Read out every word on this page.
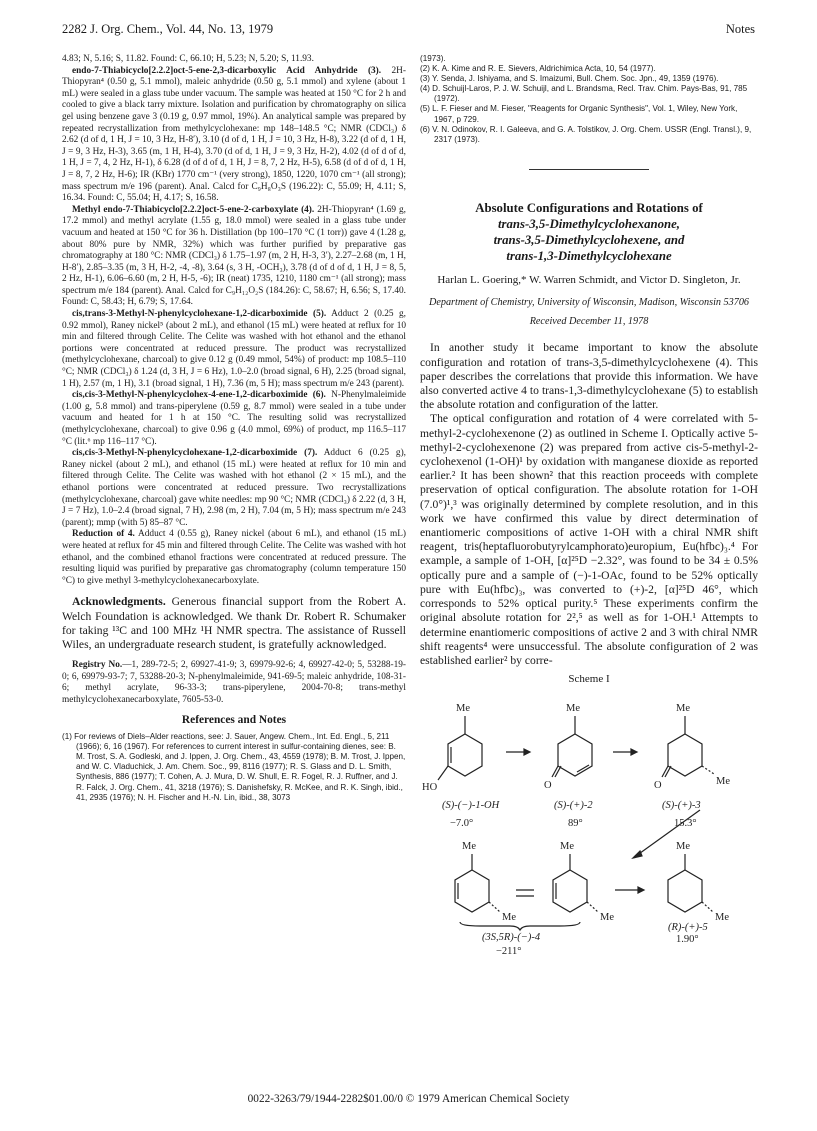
2282 J. Org. Chem., Vol. 44, No. 13, 1979	Notes

4.83; N, 5.16; S, 11.82. Found: C, 66.10; H, 5.23; N, 5.20; S, 11.93.

endo-7-Thiabicyclo[2.2.2]oct-5-ene-2,3-dicarboxylic Acid Anhydride (3). 2H-Thiopyran⁴ (0.50 g, 5.1 mmol), maleic anhydride (0.50 g, 5.1 mmol) and xylene (about 1 mL) were sealed in a glass tube under vacuum. The sample was heated at 150 °C for 2 h and cooled to give a black tarry mixture. Isolation and purification by chromatography on silica gel using benzene gave 3 (0.19 g, 0.97 mmol, 19%). An analytical sample was prepared by repeated recrystallization from methylcyclohexane: mp 148–148.5 °C; NMR (CDCl₃) δ 2.62 (d of d, 1 H, J = 10, 3 Hz, H-8′), 3.10 (d of d, 1 H, J = 10, 3 Hz, H-8), 3.22 (d of d, 1 H, J = 9, 3 Hz, H-3), 3.65 (m, 1 H, H-4), 3.70 (d of d, 1 H, J = 9, 3 Hz, H-2), 4.02 (d of d of d, 1 H, J = 7, 4, 2 Hz, H-1), δ 6.28 (d of d of d, 1 H, J = 8, 7, 2 Hz, H-5), 6.58 (d of d of d, 1 H, J = 8, 7, 2 Hz, H-6); IR (KBr) 1770 cm⁻¹ (very strong), 1850, 1220, 1070 cm⁻¹ (all strong); mass spectrum m/e 196 (parent). Anal. Calcd for C₉H₈O₃S (196.22): C, 55.09; H, 4.11; S, 16.34. Found: C, 55.04; H, 4.17; S, 16.58.

Methyl endo-7-Thiabicyclo[2.2.2]oct-5-ene-2-carboxylate (4). 2H-Thiopyran⁴ (1.69 g, 17.2 mmol) and methyl acrylate (1.55 g, 18.0 mmol) were sealed in a glass tube under vacuum and heated at 150 °C for 36 h. Distillation (bp 100–170 °C (1 torr)) gave 4 (1.28 g, about 80% pure by NMR, 32%) which was further purified by preparative gas chromatography at 180 °C: NMR (CDCl₃) δ 1.75–1.97 (m, 2 H, H-3, 3′), 2.27–2.68 (m, 1 H, H-8′), 2.85–3.35 (m, 3 H, H-2, -4, -8), 3.64 (s, 3 H, -OCH₃), 3.78 (d of d of d, 1 H, J = 8, 5, 2 Hz, H-1), 6.06–6.60 (m, 2 H, H-5, -6); IR (neat) 1735, 1210, 1180 cm⁻¹ (all strong); mass spectrum m/e 184 (parent). Anal. Calcd for C₉H₁₂O₂S (184.26): C, 58.67; H, 6.56; S, 17.40. Found: C, 58.43; H, 6.79; S, 17.64.

cis,trans-3-Methyl-N-phenylcyclohexane-1,2-dicarboximide (5). Adduct 2 (0.25 g, 0.92 mmol), Raney nickel⁵ (about 2 mL), and ethanol (15 mL) were heated at reflux for 10 min and filtered through Celite. The Celite was washed with hot ethanol and the ethanol portions were concentrated at reduced pressure. The product was recrystallized (methylcyclohexane, charcoal) to give 0.12 g (0.49 mmol, 54%) of product: mp 108.5–110 °C; NMR (CDCl₃) δ 1.24 (d, 3 H, J = 6 Hz), 1.0–2.0 (broad signal, 6 H), 2.25 (broad signal, 1 H), 2.57 (m, 1 H), 3.1 (broad signal, 1 H), 7.36 (m, 5 H); mass spectrum m/e 243 (parent).

cis,cis-3-Methyl-N-phenylcyclohex-4-ene-1,2-dicarboximide (6). N-Phenylmaleimide (1.00 g, 5.8 mmol) and trans-piperylene (0.59 g, 8.7 mmol) were sealed in a tube under vacuum and heated for 1 h at 150 °C. The resulting solid was recrystallized (methylcyclohexane, charcoal) to give 0.96 g (4.0 mmol, 69%) of product, mp 116.5–117 °C (lit.⁶ mp 116–117 °C).

cis,cis-3-Methyl-N-phenylcyclohexane-1,2-dicarboximide (7). Adduct 6 (0.25 g), Raney nickel (about 2 mL), and ethanol (15 mL) were heated at reflux for 10 min and filtered through Celite. The Celite was washed with hot ethanol (2 × 15 mL), and the ethanol portions were concentrated at reduced pressure. Two recrystallizations (methylcyclohexane, charcoal) gave white needles: mp 90 °C; NMR (CDCl₃) δ 2.22 (d, 3 H, J = 7 Hz), 1.0–2.4 (broad signal, 7 H), 2.98 (m, 2 H), 7.04 (m, 5 H); mass spectrum m/e 243 (parent); mmp (with 5) 85–87 °C.

Reduction of 4. Adduct 4 (0.55 g), Raney nickel (about 6 mL), and ethanol (15 mL) were heated at reflux for 45 min and filtered through Celite. The Celite was washed with hot ethanol, and the combined ethanol fractions were concentrated at reduced pressure. The resulting liquid was purified by preparative gas chromatography (column temperature 150 °C) to give methyl 3-methylcyclohexanecarboxylate.

Acknowledgments. Generous financial support from the Robert A. Welch Foundation is acknowledged. We thank Dr. Robert R. Schumaker for taking ¹³C and 100 MHz ¹H NMR spectra. The assistance of Russell Wiles, an undergraduate research student, is gratefully acknowledged.

Registry No.—1, 289-72-5; 2, 69927-41-9; 3, 69979-92-6; 4, 69927-42-0; 5, 53288-19-0; 6, 69979-93-7; 7, 53288-20-3; N-phenylmaleimide, 941-69-5; maleic anhydride, 108-31-6; methyl acrylate, 96-33-3; trans-piperylene, 2004-70-8; trans-methyl methylcyclohexanecarboxylate, 7605-53-0.

References and Notes

(1) For reviews of Diels–Alder reactions, see: J. Sauer, Angew. Chem., Int. Ed. Engl., 5, 211 (1966); 6, 16 (1967). For references to current interest in sulfur-containing dienes, see: B. M. Trost, S. A. Godleski, and J. Ippen, J. Org. Chem., 43, 4559 (1978); B. M. Trost, J. Ippen, and W. C. Vladuchick, J. Am. Chem. Soc., 99, 8116 (1977); R. S. Glass and D. L. Smith, Synthesis, 886 (1977); T. Cohen, A. J. Mura, D. W. Shull, E. R. Fogel, R. J. Ruffner, and J. R. Falck, J. Org. Chem., 41, 3218 (1976); S. Danishefsky, R. McKee, and R. K. Singh, ibid., 41, 2935 (1976); N. H. Fischer and H.-N. Lin, ibid., 38, 3073

(1973).

(2) K. A. Kime and R. E. Sievers, Aldrichimica Acta, 10, 54 (1977).

(3) Y. Senda, J. Ishiyama, and S. Imaizumi, Bull. Chem. Soc. Jpn., 49, 1359 (1976).

(4) D. Schuijl-Laros, P. J. W. Schuijl, and L. Brandsma, Recl. Trav. Chim. Pays-Bas, 91, 785 (1972).

(5) L. F. Fieser and M. Fieser, "Reagents for Organic Synthesis", Vol. 1, Wiley, New York, 1967, p 729.

(6) V. N. Odinokov, R. I. Galeeva, and G. A. Tolstikov, J. Org. Chem. USSR (Engl. Transl.), 9, 2317 (1973).

Absolute Configurations and Rotations of

trans-3,5-Dimethylcyclohexanone,

trans-3,5-Dimethylcyclohexene, and

trans-1,3-Dimethylcyclohexane

Harlan L. Goering,* W. Warren Schmidt, and Victor D. Singleton, Jr.
Department of Chemistry, University of Wisconsin, Madison, Wisconsin 53706
Received December 11, 1978

In another study it became important to know the absolute configuration and rotation of trans-3,5-dimethylcyclohexene (4). This paper describes the correlations that provide this information. We have also converted active 4 to trans-1,3-dimethylcyclohexane (5) to establish the absolute rotation and configuration of the latter.

The optical configuration and rotation of 4 were correlated with 5-methyl-2-cyclohexenone (2) as outlined in Scheme I. Optically active 5-methyl-2-cyclohexenone (2) was prepared from active cis-5-methyl-2-cyclohexenol (1-OH)¹ by oxidation with manganese dioxide as reported earlier.² It has been shown² that this reaction proceeds with complete preservation of optical configuration. The absolute rotation for 1-OH (7.0°)¹,³ was originally determined by complete resolution, and in this work we have confirmed this value by direct determination of enantiomeric compositions of active 1-OH with a chiral NMR shift reagent, tris(heptafluorobutyrylcamphorato)europium, Eu(hfbc)₃.⁴ For example, a sample of 1-OH, [α]²⁵D −2.32°, was found to be 34 ± 0.5% optically pure and a sample of (−)-1-OAc, found to be 52% optically pure with Eu(hfbc)₃, was converted to (+)-2, [α]²⁵D 46°, which corresponds to 52% optical purity.⁵ These experiments confirm the original absolute rotation for 2²,⁵ as well as for 1-OH.¹ Attempts to determine enantiomeric compositions of active 2 and 3 with chiral NMR shift reagents⁴ were unsuccessful. The absolute configuration of 2 was established earlier² by corre-

Scheme I
Me	Me	Me
HO	O	O	Me
(S)-(−)-1-OH	(S)-(+)-2	(S)-(+)-3
−7.0°	89°	15.3°
Me	Me	Me
Me	Me	Me
(3S,5R)-(−)-4
(R)-(+)-5
1.90°
−211°
0022-3263/79/1944-2282$01.00/0 © 1979 American Chemical Society
